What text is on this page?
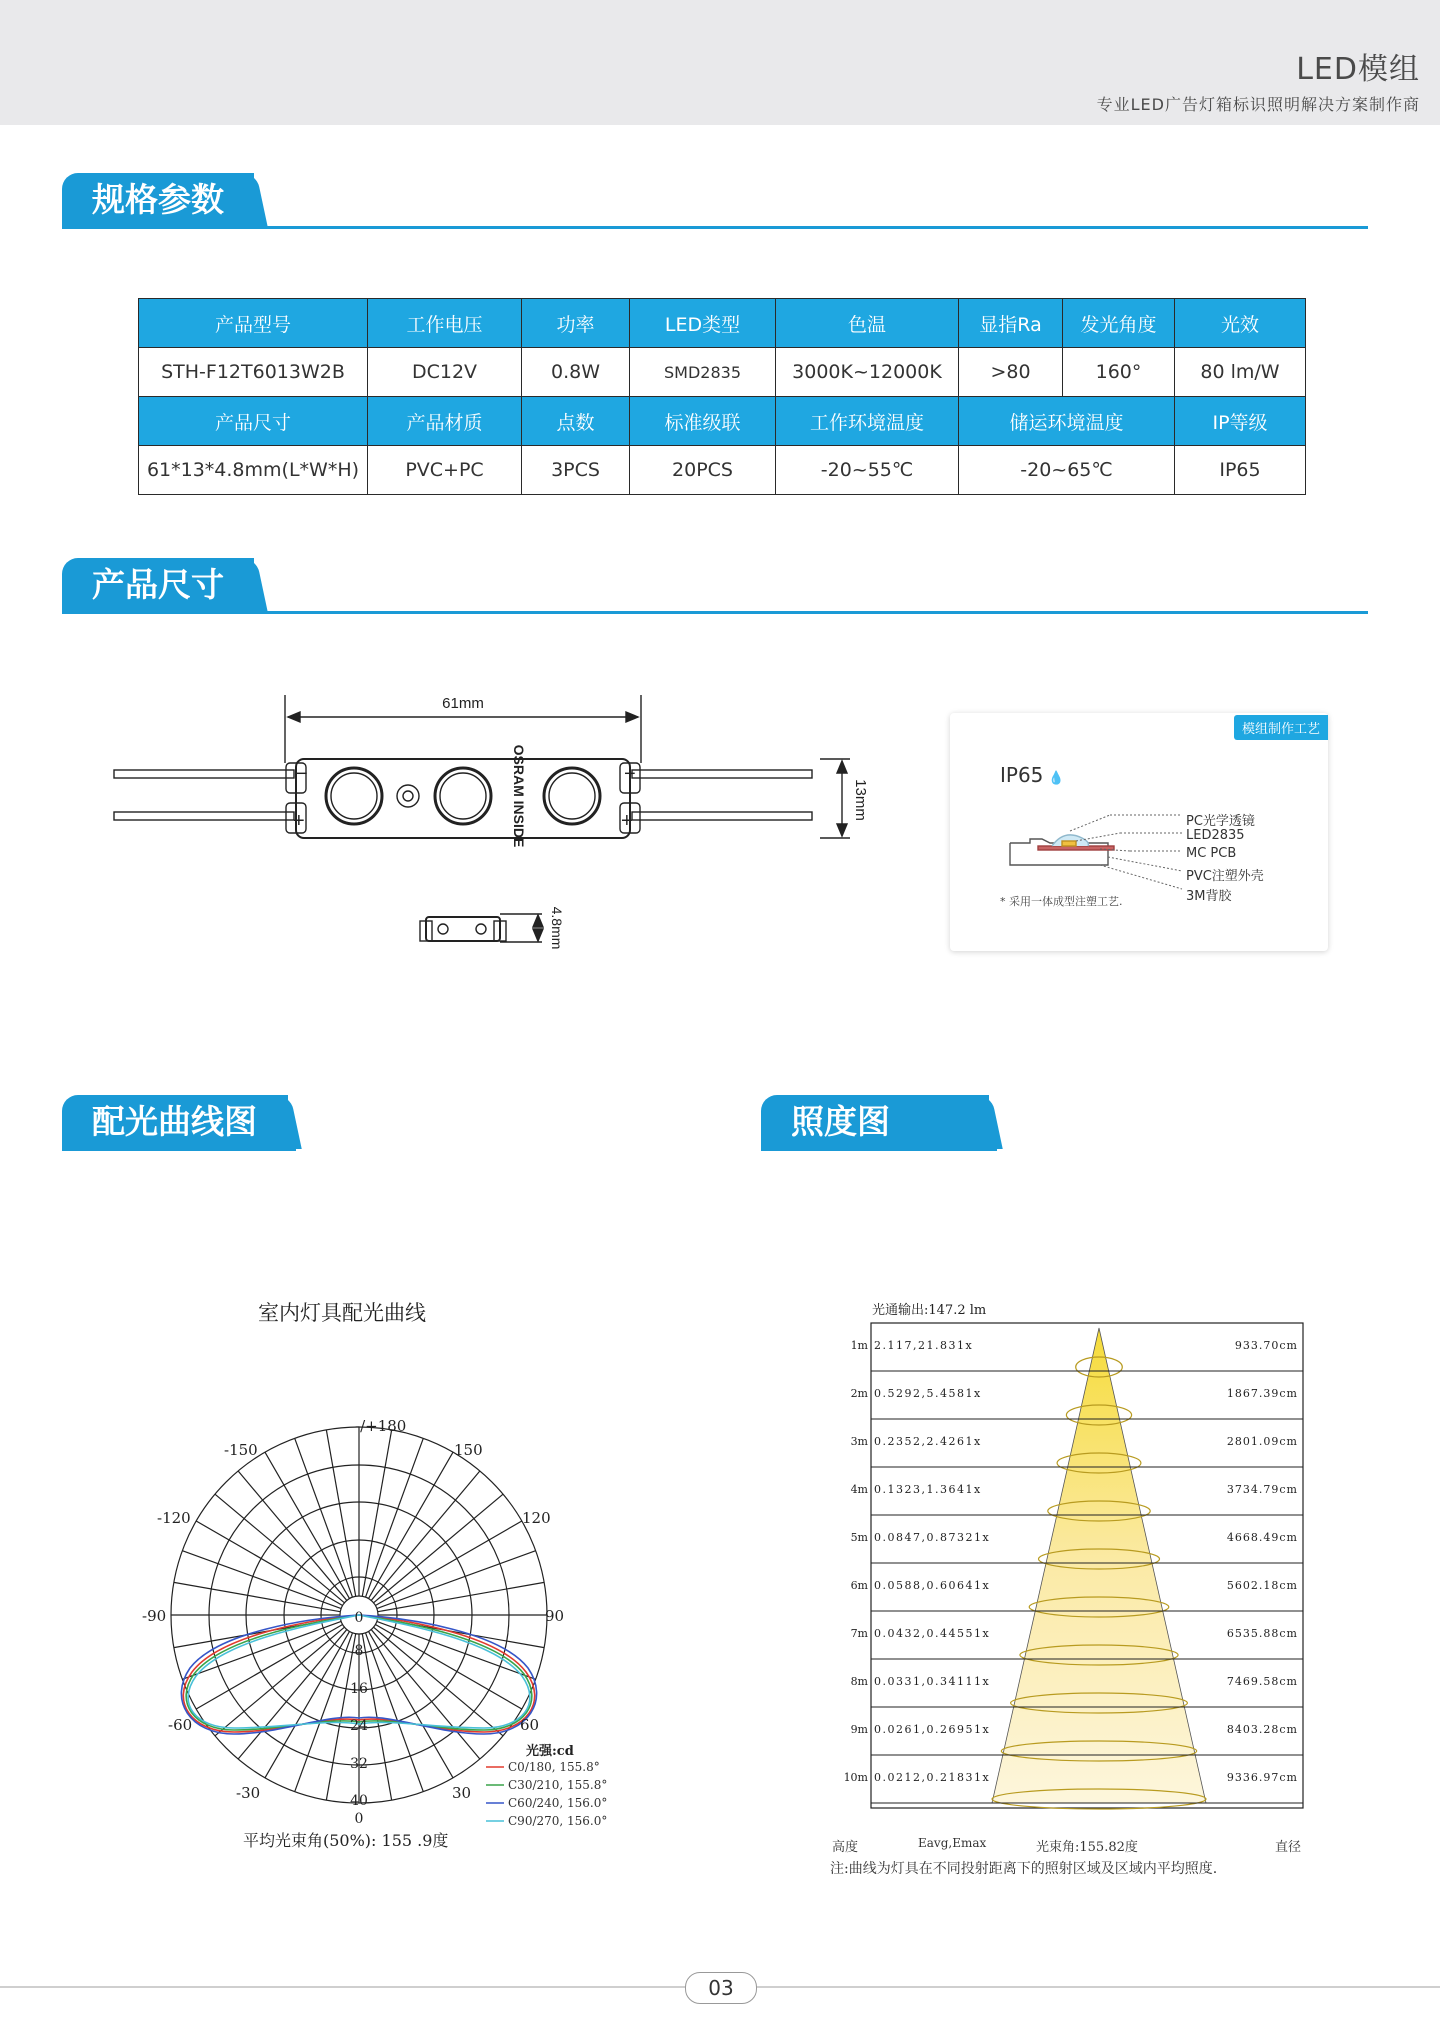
LED模组
专业LED广告灯箱标识照明解决方案制作商
规格参数
产品型号	工作电压	功率	LED类型	色温	显指Ra	发光角度	光效
STH-F12T6013W2B	DC12V	0.8W	SMD2835	3000K~12000K	>80	160°	80 lm/W
产品尺寸	产品材质	点数	标准级联	工作环境温度	储运环境温度		IP等级
61*13*4.8mm(L*W*H)	PVC+PC	3PCS	20PCS	-20~55℃	-20~65℃		IP65
产品尺寸
−
+
−
+
61mm
13mm
4.8mm
OSRAM INSIDE
模组制作工艺
IP65 💧
PC光学透镜
LED2835
MC PCB
PVC注塑外壳
3M背胶
* 采用一体成型注塑工艺.
配光曲线图	照度图
室内灯具配光曲线
-/+180
-150	150
-120	120
-90	90
-60	60
-30	30
0
8
16
24
32
40
0
光强:cd
C0/180, 155.8°
C30/210, 155.8°
C60/240, 156.0°
C90/270, 156.0°
平均光束角(50%): 155 .9度
光通输出:147.2 lm
1m 2.117,21.831x	933.70cm
2m 0.5292,5.4581x	1867.39cm
3m 0.2352,2.4261x	2801.09cm
4m 0.1323,1.3641x	3734.79cm
5m 0.0847,0.87321x	4668.49cm
6m 0.0588,0.60641x	5602.18cm
7m 0.0432,0.44551x	6535.88cm
8m 0.0331,0.34111x	7469.58cm
9m 0.0261,0.26951x	8403.28cm
10m 0.0212,0.21831x	9336.97cm
高度	Eavg,Emax	光束角:155.82度	直径
注:曲线为灯具在不同投射距离下的照射区域及区域内平均照度.
03
